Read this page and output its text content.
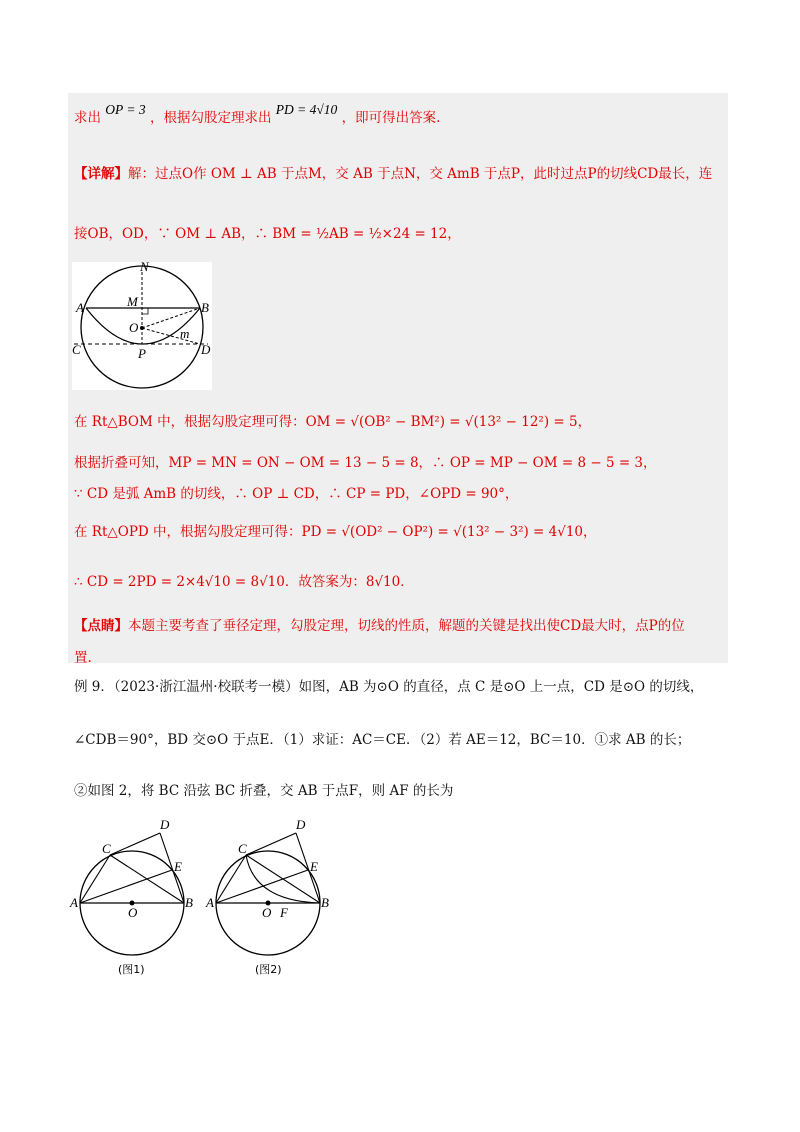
求出 OP = 3 ，根据勾股定理求出 PD = 4√10 ，即可得出答案.
【详解】解：过点O作 OM ⊥ AB 于点M，交 AB 于点N，交 AmB 于点P，此时过点P的切线CD最长，连
接OB，OD，∵ OM ⊥ AB，∴ BM = ½AB = ½×24 = 12，
N
A	M	B
O	m
C	P	D
在 Rt△BOM 中，根据勾股定理可得：OM = √(OB² − BM²) = √(13² − 12²) = 5，
根据折叠可知，MP = MN = ON − OM = 13 − 5 = 8，∴ OP = MP − OM = 8 − 5 = 3，
∵ CD 是弧 AmB 的切线，∴ OP ⊥ CD，∴ CP = PD，∠OPD = 90°，
在 Rt△OPD 中，根据勾股定理可得：PD = √(OD² − OP²) = √(13² − 3²) = 4√10，
∴ CD = 2PD = 2×4√10 = 8√10．故答案为：8√10．
【点睛】本题主要考查了垂径定理，勾股定理，切线的性质，解题的关键是找出使CD最大时，点P的位
置.
例 9．（2023·浙江温州·校联考一模）如图，AB 为⊙O 的直径，点 C 是⊙O 上一点，CD 是⊙O 的切线，
∠CDB＝90°，BD 交⊙O 于点E．（1）求证：AC＝CE．（2）若 AE＝12，BC＝10．①求 AB 的长；
②如图 2，将 BC 沿弦 BC 折叠，交 AB 于点F，则 AF 的长为
D
C
E
A
O
B
(图1)
D
C
E
A
O F
B
(图2)
